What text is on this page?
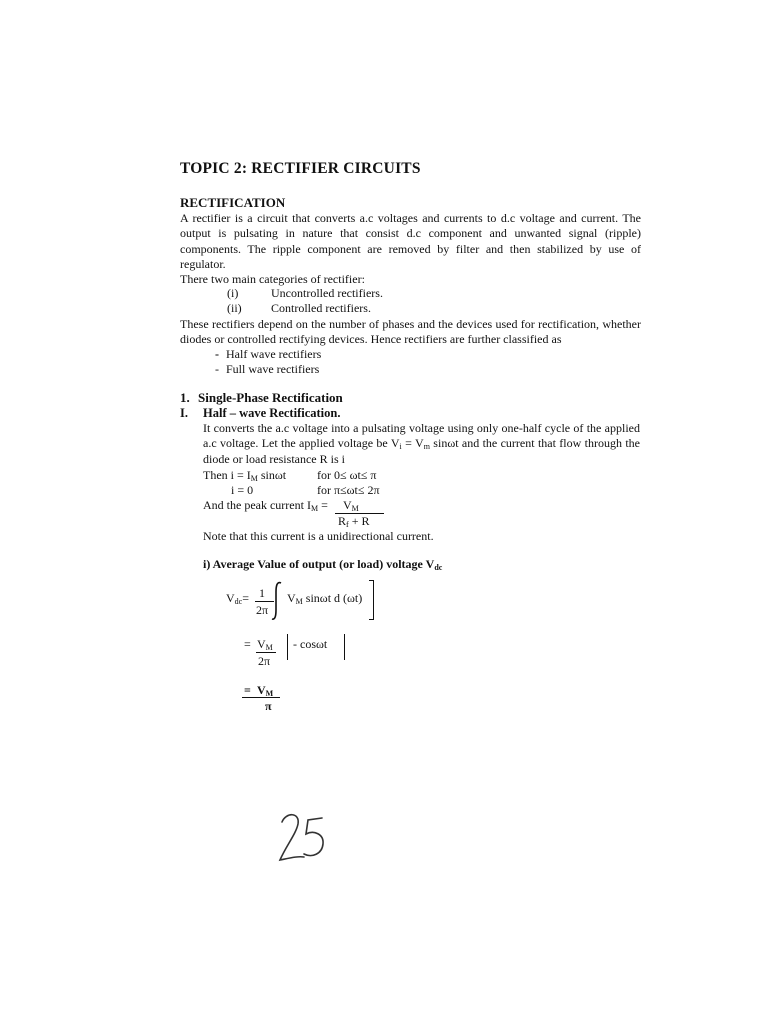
TOPIC 2: RECTIFIER CIRCUITS
RECTIFICATION
A rectifier is a circuit that converts a.c voltages and currents to d.c voltage and current. The output is pulsating in nature that consist d.c component and unwanted signal (ripple) components. The ripple component are removed by filter and then stabilized by use of regulator.
There two main categories of rectifier:
(i)	Uncontrolled rectifiers.
(ii) Controlled rectifiers.
These rectifiers depend on the number of phases and the devices used for rectification, whether diodes or controlled rectifying devices. Hence rectifiers are further classified as
- Half wave rectifiers
- Full wave rectifiers
1. Single-Phase Rectification
I. Half – wave Rectification.
It converts the a.c voltage into a pulsating voltage using only one-half cycle of the applied a.c voltage. Let the applied voltage be $V_i = V_m$ sinωt and the current that flow through the diode or load resistance R is i
Then $i = I_M$ sinωt	for 0≤ ωt≤ π
i = 0	for π≤ωt≤ 2π
And the peak current $I_M = V_M$
$R_f + R$
Note that this current is a unidirectional current.
i) Average Value of output (or load) voltage $V_{dc}$
$V_{dc}= 1$
2π
$V_M$ sinωt d (ωt)
= $V_M$
2π
- cosωt
= $V_M$
π
